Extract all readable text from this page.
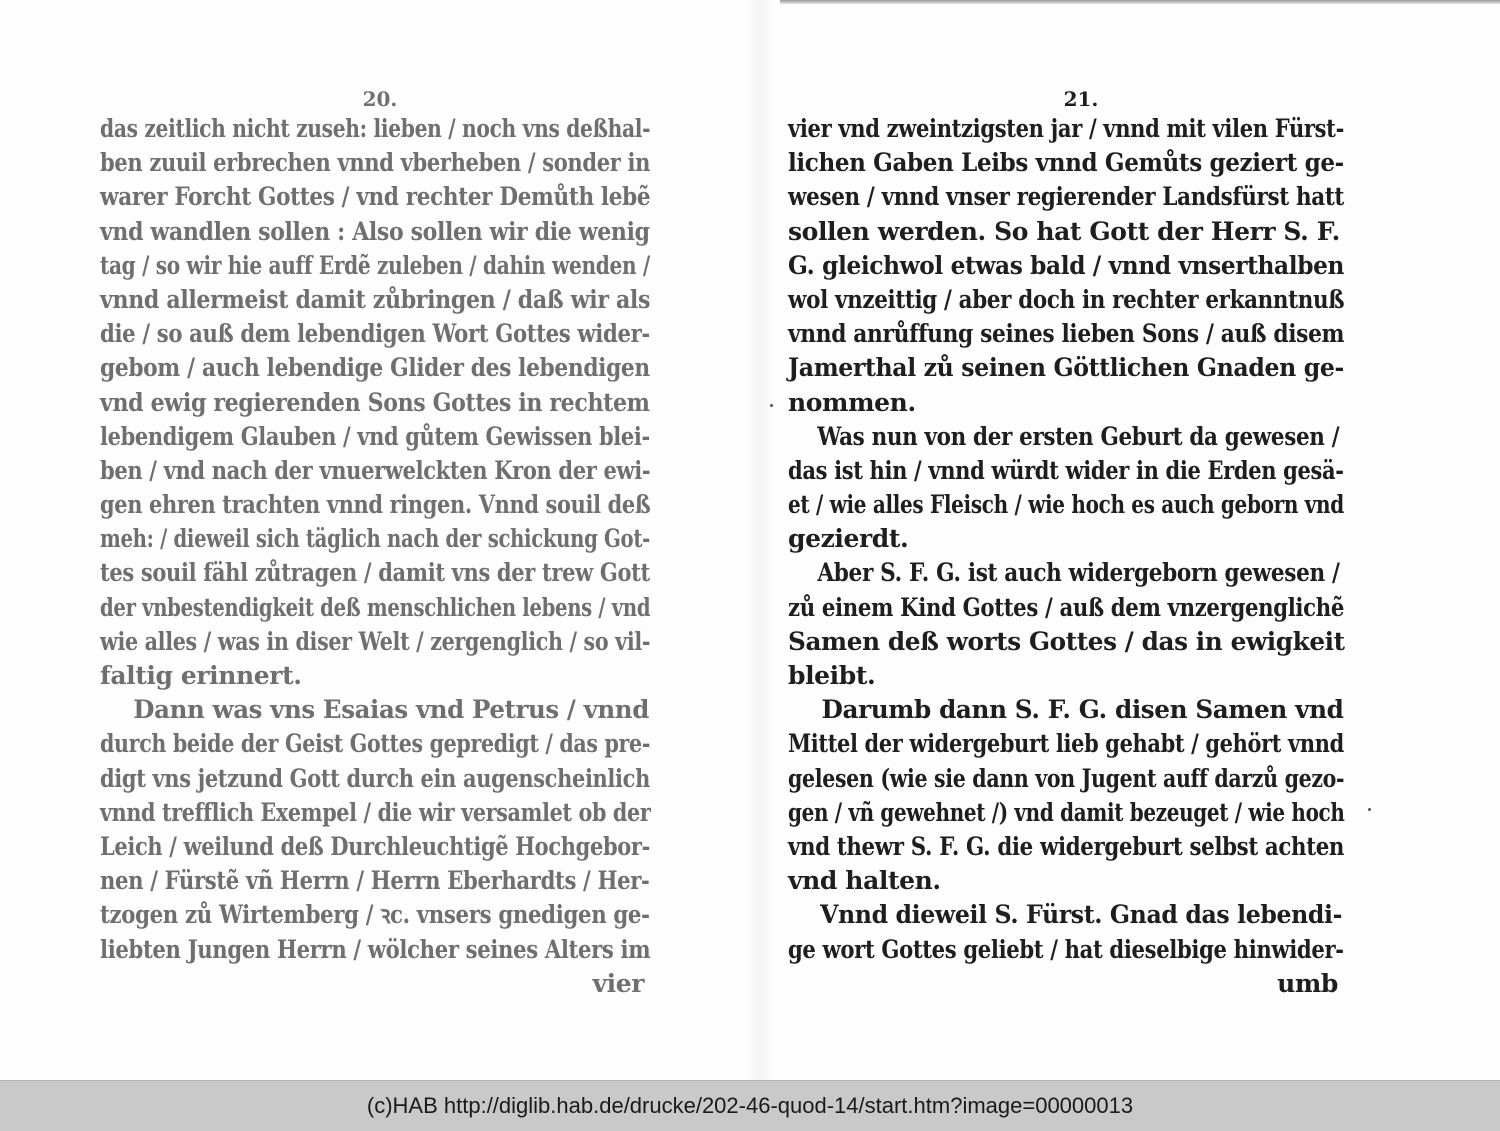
20.
das zeitlich nicht zuseh: lieben / noch vns deßhal-
ben zuuil erbrechen vnnd vberheben / sonder in
warer Forcht Gottes / vnd rechter Demůth lebẽ
vnd wandlen sollen : Also sollen wir die wenig
tag / so wir hie auff Erdẽ zuleben / dahin wenden /
vnnd allermeist damit zůbringen / daß wir als
die / so auß dem lebendigen Wort Gottes wider-
gebom / auch lebendige Glider des lebendigen
vnd ewig regierenden Sons Gottes in rechtem
lebendigem Glauben / vnd gůtem Gewissen blei-
ben / vnd nach der vnuerwelckten Kron der ewi-
gen ehren trachten vnnd ringen. Vnnd souil deß
meh: / dieweil sich täglich nach der schickung Got-
tes souil fähl zůtragen / damit vns der trew Gott
der vnbestendigkeit deß menschlichen lebens / vnd
wie alles / was in diser Welt / zergenglich / so vil-
faltig erinnert.
Dann was vns Esaias vnd Petrus / vnnd
durch beide der Geist Gottes gepredigt / das pre-
digt vns jetzund Gott durch ein augenscheinlich
vnnd trefflich Exempel / die wir versamlet ob der
Leich / weilund deß Durchleuchtigẽ Hochgebor-
nen / Fürstẽ vñ Herrn / Herrn Eberhardts / Her-
tzogen zů Wirtemberg / ꝛc. vnsers gnedigen ge-
liebten Jungen Herrn / wölcher seines Alters im
vier
21.
vier vnd zweintzigsten jar / vnnd mit vilen Fürst-
lichen Gaben Leibs vnnd Gemůts geziert ge-
wesen / vnnd vnser regierender Landsfürst hatt
sollen werden. So hat Gott der Herr S. F.
G. gleichwol etwas bald / vnnd vnserthalben
wol vnzeittig / aber doch in rechter erkanntnuß
vnnd anrůffung seines lieben Sons / auß disem
Jamerthal zů seinen Göttlichen Gnaden ge-
nommen.
Was nun von der ersten Geburt da gewesen /
das ist hin / vnnd würdt wider in die Erden gesä-
et / wie alles Fleisch / wie hoch es auch geborn vnd
gezierdt.
Aber S. F. G. ist auch widergeborn gewesen /
zů einem Kind Gottes / auß dem vnzergenglichẽ
Samen deß worts Gottes / das in ewigkeit
bleibt.
Darumb dann S. F. G. disen Samen vnd
Mittel der widergeburt lieb gehabt / gehört vnnd
gelesen (wie sie dann von Jugent auff darzů gezo-
gen / vñ gewehnet /) vnd damit bezeuget / wie hoch
vnd thewr S. F. G. die widergeburt selbst achten
vnd halten.
Vnnd dieweil S. Fürst. Gnad das lebendi-
ge wort Gottes geliebt / hat dieselbige hinwider-
umb
(c)HAB http://diglib.hab.de/drucke/202-46-quod-14/start.htm?image=00000013
